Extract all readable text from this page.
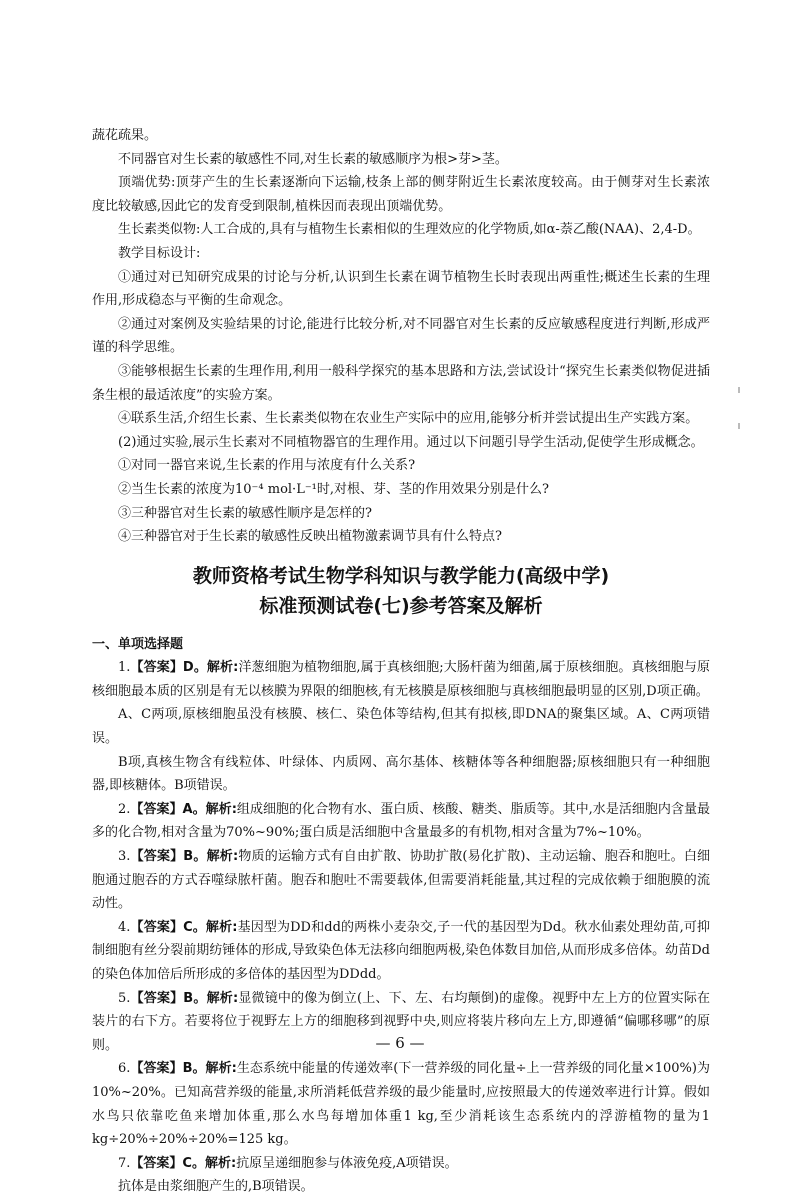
蔬花疏果。

不同器官对生长素的敏感性不同,对生长素的敏感顺序为根>芽>茎。

顶端优势:顶芽产生的生长素逐渐向下运输,枝条上部的侧芽附近生长素浓度较高。由于侧芽对生长素浓度比较敏感,因此它的发育受到限制,植株因而表现出顶端优势。

生长素类似物:人工合成的,具有与植物生长素相似的生理效应的化学物质,如α-萘乙酸(NAA)、2,4-D。

教学目标设计:

①通过对已知研究成果的讨论与分析,认识到生长素在调节植物生长时表现出两重性;概述生长素的生理作用,形成稳态与平衡的生命观念。

②通过对案例及实验结果的讨论,能进行比较分析,对不同器官对生长素的反应敏感程度进行判断,形成严谨的科学思维。

③能够根据生长素的生理作用,利用一般科学探究的基本思路和方法,尝试设计“探究生长素类似物促进插条生根的最适浓度”的实验方案。

④联系生活,介绍生长素、生长素类似物在农业生产实际中的应用,能够分析并尝试提出生产实践方案。

(2)通过实验,展示生长素对不同植物器官的生理作用。通过以下问题引导学生活动,促使学生形成概念。

①对同一器官来说,生长素的作用与浓度有什么关系?

②当生长素的浓度为10⁻⁴ mol·L⁻¹时,对根、芽、茎的作用效果分别是什么?

③三种器官对生长素的敏感性顺序是怎样的?

④三种器官对于生长素的敏感性反映出植物激素调节具有什么特点?

教师资格考试生物学科知识与教学能力(高级中学)
标准预测试卷(七)参考答案及解析
一、单项选择题

1.【答案】D。解析:洋葱细胞为植物细胞,属于真核细胞;大肠杆菌为细菌,属于原核细胞。真核细胞与原核细胞最本质的区别是有无以核膜为界限的细胞核,有无核膜是原核细胞与真核细胞最明显的区别,D项正确。

A、C两项,原核细胞虽没有核膜、核仁、染色体等结构,但其有拟核,即DNA的聚集区域。A、C两项错误。

B项,真核生物含有线粒体、叶绿体、内质网、高尔基体、核糖体等各种细胞器;原核细胞只有一种细胞器,即核糖体。B项错误。

2.【答案】A。解析:组成细胞的化合物有水、蛋白质、核酸、糖类、脂质等。其中,水是活细胞内含量最多的化合物,相对含量为70%~90%;蛋白质是活细胞中含量最多的有机物,相对含量为7%~10%。

3.【答案】B。解析:物质的运输方式有自由扩散、协助扩散(易化扩散)、主动运输、胞吞和胞吐。白细胞通过胞吞的方式吞噬绿脓杆菌。胞吞和胞吐不需要载体,但需要消耗能量,其过程的完成依赖于细胞膜的流动性。

4.【答案】C。解析:基因型为DD和dd的两株小麦杂交,子一代的基因型为Dd。秋水仙素处理幼苗,可抑制细胞有丝分裂前期纺锤体的形成,导致染色体无法移向细胞两极,染色体数目加倍,从而形成多倍体。幼苗Dd的染色体加倍后所形成的多倍体的基因型为DDdd。

5.【答案】B。解析:显微镜中的像为倒立(上、下、左、右均颠倒)的虚像。视野中左上方的位置实际在装片的右下方。若要将位于视野左上方的细胞移到视野中央,则应将装片移向左上方,即遵循“偏哪移哪”的原则。

6.【答案】B。解析:生态系统中能量的传递效率(下一营养级的同化量÷上一营养级的同化量×100%)为10%~20%。已知高营养级的能量,求所消耗低营养级的最少能量时,应按照最大的传递效率进行计算。假如水鸟只依靠吃鱼来增加体重,那么水鸟每增加体重1 kg,至少消耗该生态系统内的浮游植物的量为1 kg÷20%÷20%÷20%=125 kg。

7.【答案】C。解析:抗原呈递细胞参与体液免疫,A项错误。

抗体是由浆细胞产生的,B项错误。

— 6 —
